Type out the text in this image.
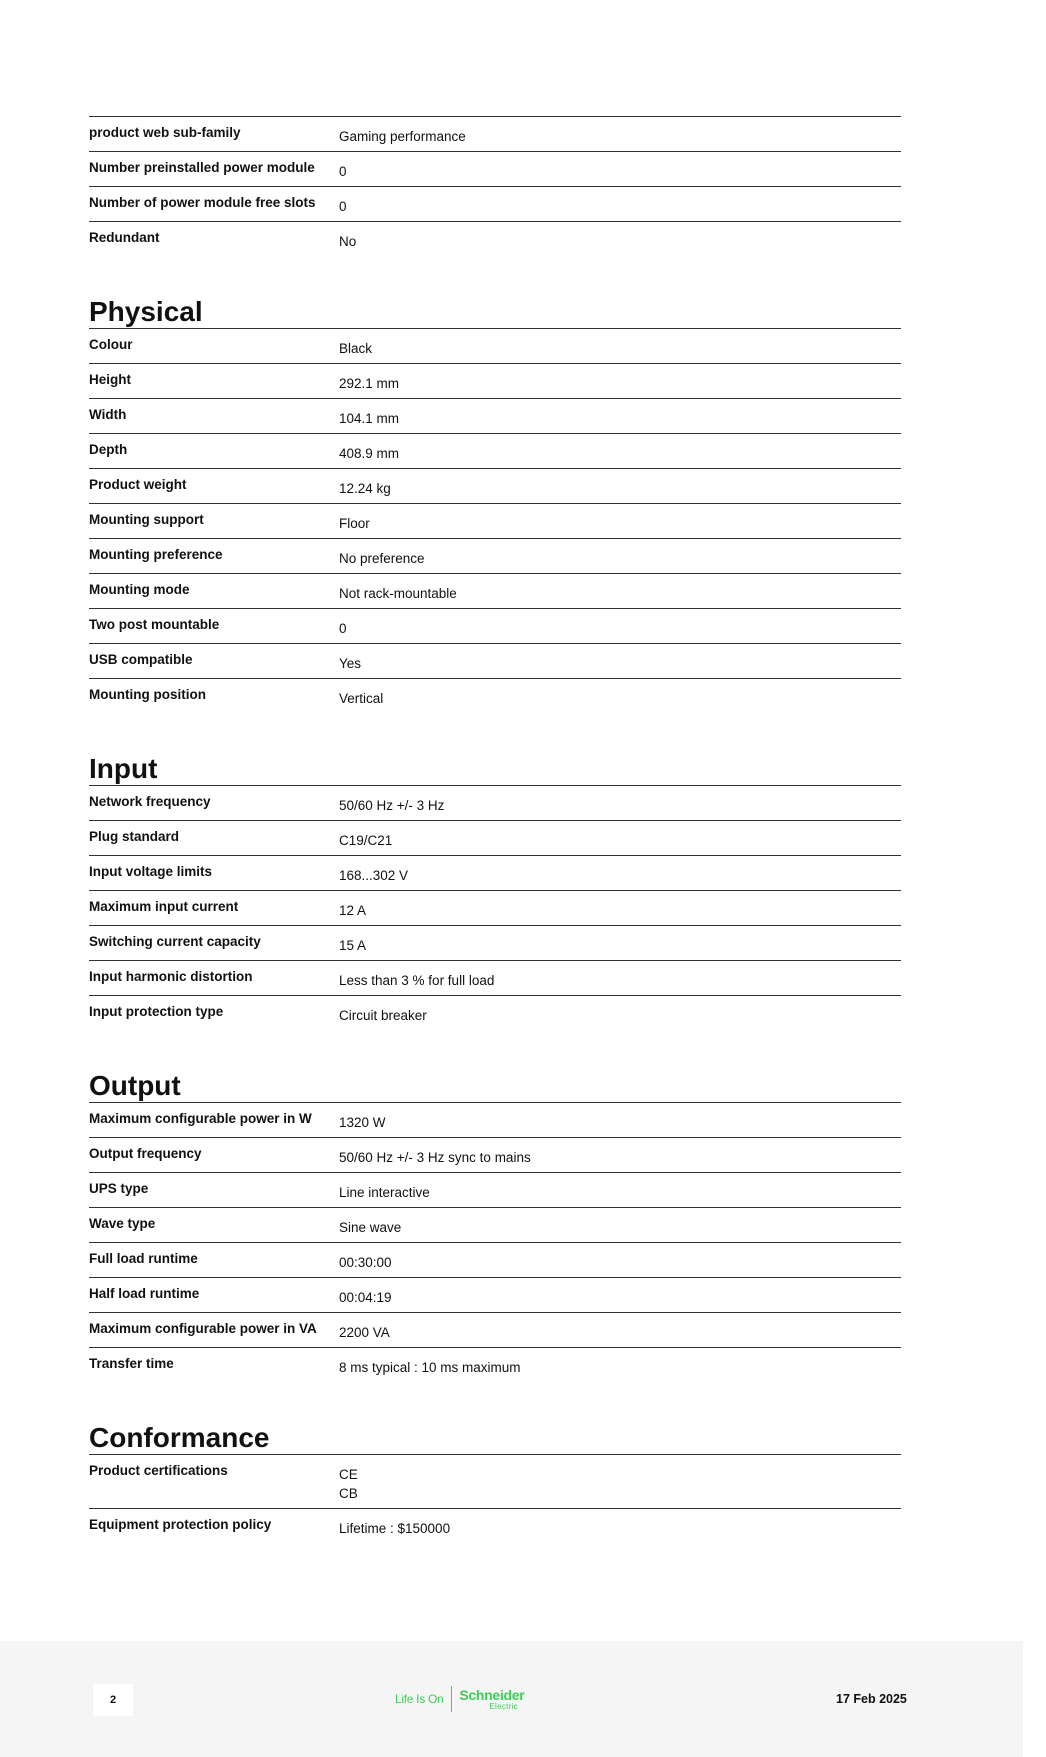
product web sub-family	Gaming performance

Number preinstalled power module	0

Number of power module free slots	0

Redundant	No
Physical
Colour	Black

Height	292.1 mm

Width	104.1 mm

Depth	408.9 mm

Product weight	12.24 kg

Mounting support	Floor

Mounting preference	No preference

Mounting mode	Not rack-mountable

Two post mountable	0

USB compatible	Yes

Mounting position	Vertical
Input
Network frequency	50/60 Hz +/- 3 Hz

Plug standard	C19/C21

Input voltage limits	168...302 V

Maximum input current	12 A

Switching current capacity	15 A

Input harmonic distortion	Less than 3 % for full load

Input protection type	Circuit breaker
Output
Maximum configurable power in W	1320 W

Output frequency	50/60 Hz +/- 3 Hz sync to mains

UPS type	Line interactive

Wave type	Sine wave

Full load runtime	00:30:00

Half load runtime	00:04:19

Maximum configurable power in VA	2200 VA

Transfer time	8 ms typical : 10 ms maximum
Conformance
Product certifications	CE
CB

Equipment protection policy	Lifetime : $150000
2	Life Is On Schneider
Electric	17 Feb 2025
